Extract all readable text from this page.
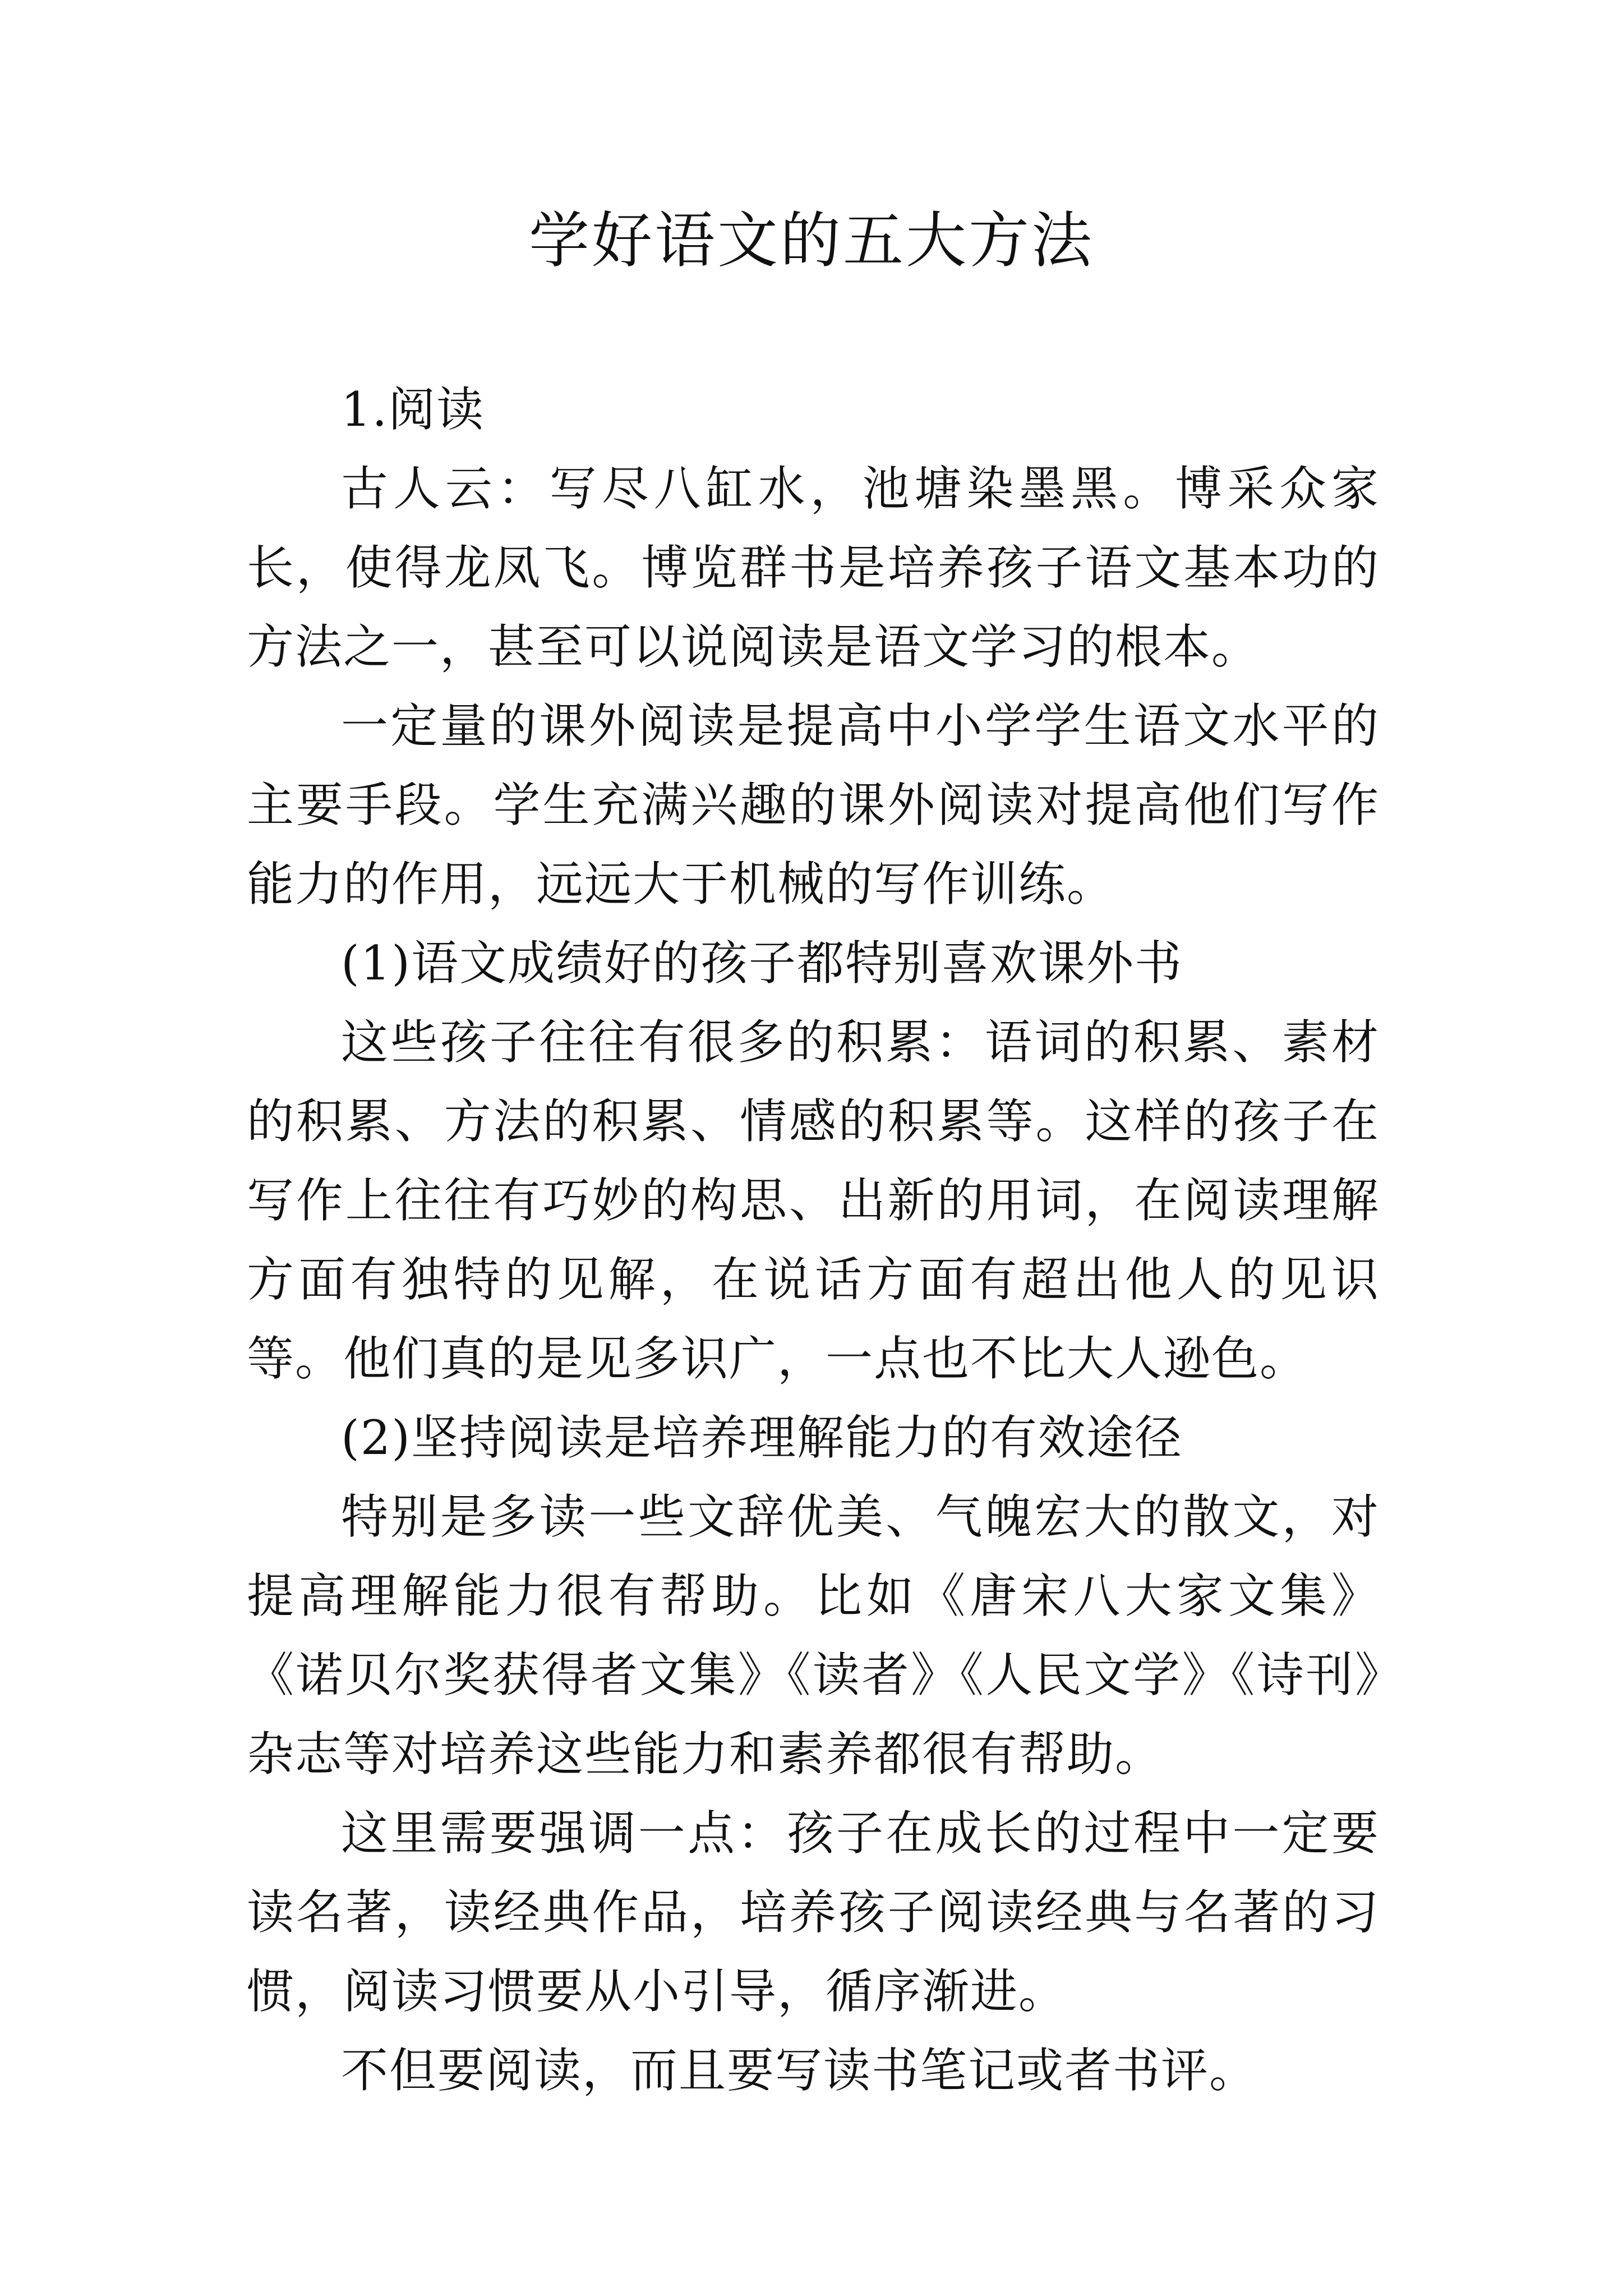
学好语文的五大方法

1.阅读

古人云：写尽八缸水，池塘染墨黑。博采众家长，使得龙凤飞。博览群书是培养孩子语文基本功的方法之一，甚至可以说阅读是语文学习的根本。

一定量的课外阅读是提高中小学学生语文水平的主要手段。学生充满兴趣的课外阅读对提高他们写作能力的作用，远远大于机械的写作训练。

(1)语文成绩好的孩子都特别喜欢课外书

这些孩子往往有很多的积累：语词的积累、素材的积累、方法的积累、情感的积累等。这样的孩子在写作上往往有巧妙的构思、出新的用词，在阅读理解方面有独特的见解，在说话方面有超出他人的见识等。他们真的是见多识广，一点也不比大人逊色。

(2)坚持阅读是培养理解能力的有效途径

特别是多读一些文辞优美、气魄宏大的散文，对提高理解能力很有帮助。比如《唐宋八大家文集》《诺贝尔奖获得者文集》《读者》《人民文学》《诗刊》杂志等对培养这些能力和素养都很有帮助。

这里需要强调一点：孩子在成长的过程中一定要读名著，读经典作品，培养孩子阅读经典与名著的习惯，阅读习惯要从小引导，循序渐进。

不但要阅读，而且要写读书笔记或者书评。
